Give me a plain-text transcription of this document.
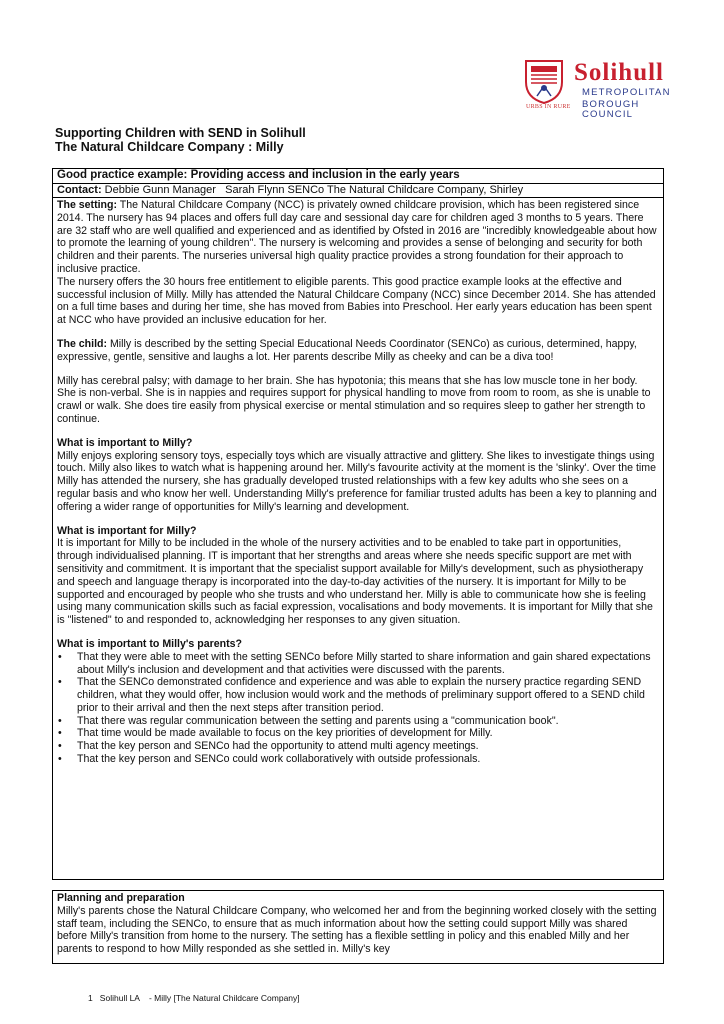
URBS IN RURE
Solihull
METROPOLITAN
BOROUGH COUNCIL
Supporting Children with SEND in Solihull
The Natural Childcare Company : Milly
Good practice example: Providing access and inclusion in the early years
Contact: Debbie Gunn Manager   Sarah Flynn SENCo The Natural Childcare Company, Shirley

The setting: The Natural Childcare Company (NCC) is privately owned childcare provision, which has been registered since 2014. The nursery has 94 places and offers full day care and sessional day care for children aged 3 months to 5 years. There are 32 staff who are well qualified and experienced and as identified by Ofsted in 2016 are "incredibly knowledgeable about how to promote the learning of young children". The nursery is welcoming and provides a sense of belonging and security for both children and their parents. The nurseries universal high quality practice provides a strong foundation for their approach to inclusive practice.

The nursery offers the 30 hours free entitlement to eligible parents. This good practice example looks at the effective and successful inclusion of Milly. Milly has attended the Natural Childcare Company (NCC) since December 2014. She has attended on a full time bases and during her time, she has moved from Babies into Preschool. Her early years education has been spent at NCC who have provided an inclusive education for her.

The child: Milly is described by the setting Special Educational Needs Coordinator (SENCo) as curious, determined, happy, expressive, gentle, sensitive and laughs a lot. Her parents describe Milly as cheeky and can be a diva too!

Milly has cerebral palsy; with damage to her brain. She has hypotonia; this means that she has low muscle tone in her body. She is non-verbal. She is in nappies and requires support for physical handling to move from room to room, as she is unable to crawl or walk. She does tire easily from physical exercise or mental stimulation and so requires sleep to gather her strength to continue.

What is important to Milly?

Milly enjoys exploring sensory toys, especially toys which are visually attractive and glittery. She likes to investigate things using touch. Milly also likes to watch what is happening around her. Milly's favourite activity at the moment is the 'slinky'. Over the time Milly has attended the nursery, she has gradually developed trusted relationships with a few key adults who she sees on a regular basis and who know her well. Understanding Milly's preference for familiar trusted adults has been a key to planning and offering a wider range of opportunities for Milly's learning and development.

What is important for Milly?

It is important for Milly to be included in the whole of the nursery activities and to be enabled to take part in opportunities, through individualised planning. IT is important that her strengths and areas where she needs specific support are met with sensitivity and commitment. It is important that the specialist support available for Milly's development, such as physiotherapy and speech and language therapy is incorporated into the day-to-day activities of the nursery. It is important for Milly to be supported and encouraged by people who she trusts and who understand her. Milly is able to communicate how she is feeling using many communication skills such as facial expression, vocalisations and body movements. It is important for Milly that she is "listened" to and responded to, acknowledging her responses to any given situation.

What is important to Milly's parents?

• That they were able to meet with the setting SENCo before Milly started to share information and gain shared expectations about Milly's inclusion and development and that activities were discussed with the parents.
• That the SENCo demonstrated confidence and experience and was able to explain the nursery practice regarding SEND children, what they would offer, how inclusion would work and the methods of preliminary support offered to a SEND child prior to their arrival and then the next steps after transition period.
• That there was regular communication between the setting and parents using a "communication book".
• That time would be made available to focus on the key priorities of development for Milly.
• That the key person and SENCo had the opportunity to attend multi agency meetings.
• That the key person and SENCo could work collaboratively with outside professionals.

Planning and preparation

Milly's parents chose the Natural Childcare Company, who welcomed her and from the beginning worked closely with the setting staff team, including the SENCo, to ensure that as much information about how the setting could support Milly was shared before Milly's transition from home to the nursery. The setting has a flexible settling in policy and this enabled Milly and her parents to respond to how Milly responded as she settled in. Milly's key

1   Solihull LA    - Milly [The Natural Childcare Company]
